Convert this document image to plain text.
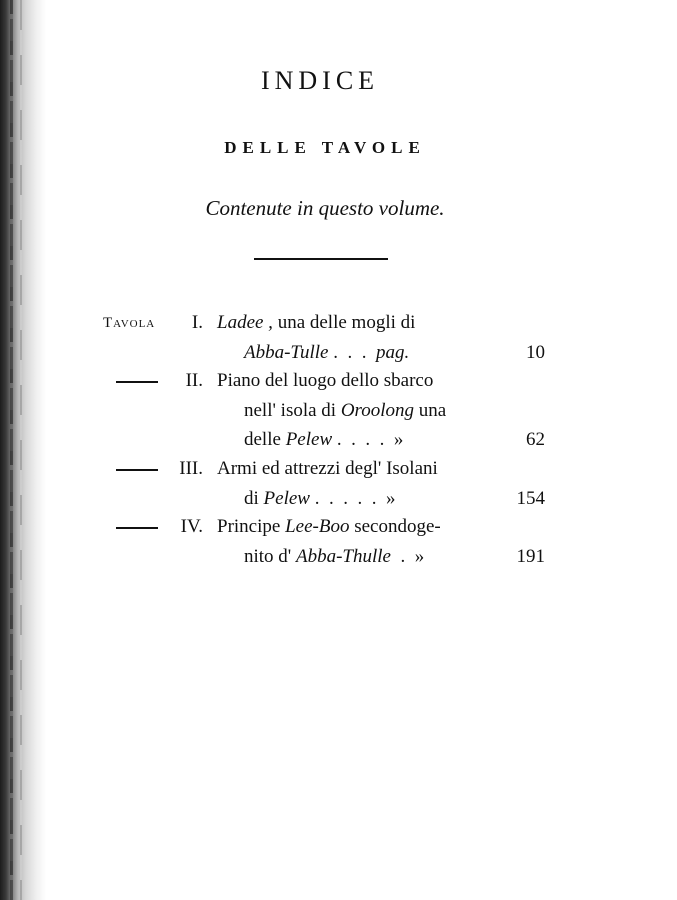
INDICE
DELLE TAVOLE
Contenute in questo volume.
Tavola	I. Ladee , una delle mogli di
Abba-Tulle .  .  .  pag.	10
II. Piano del luogo dello sbarco
nell' isola di Oroolong una
delle Pelew .  .  .  .  »	62
III. Armi ed attrezzi degl' Isolani
di Pelew .  .  .  .  .  »	154
IV. Principe Lee-Boo secondoge-
nito d' Abba-Thulle  .  »	191
